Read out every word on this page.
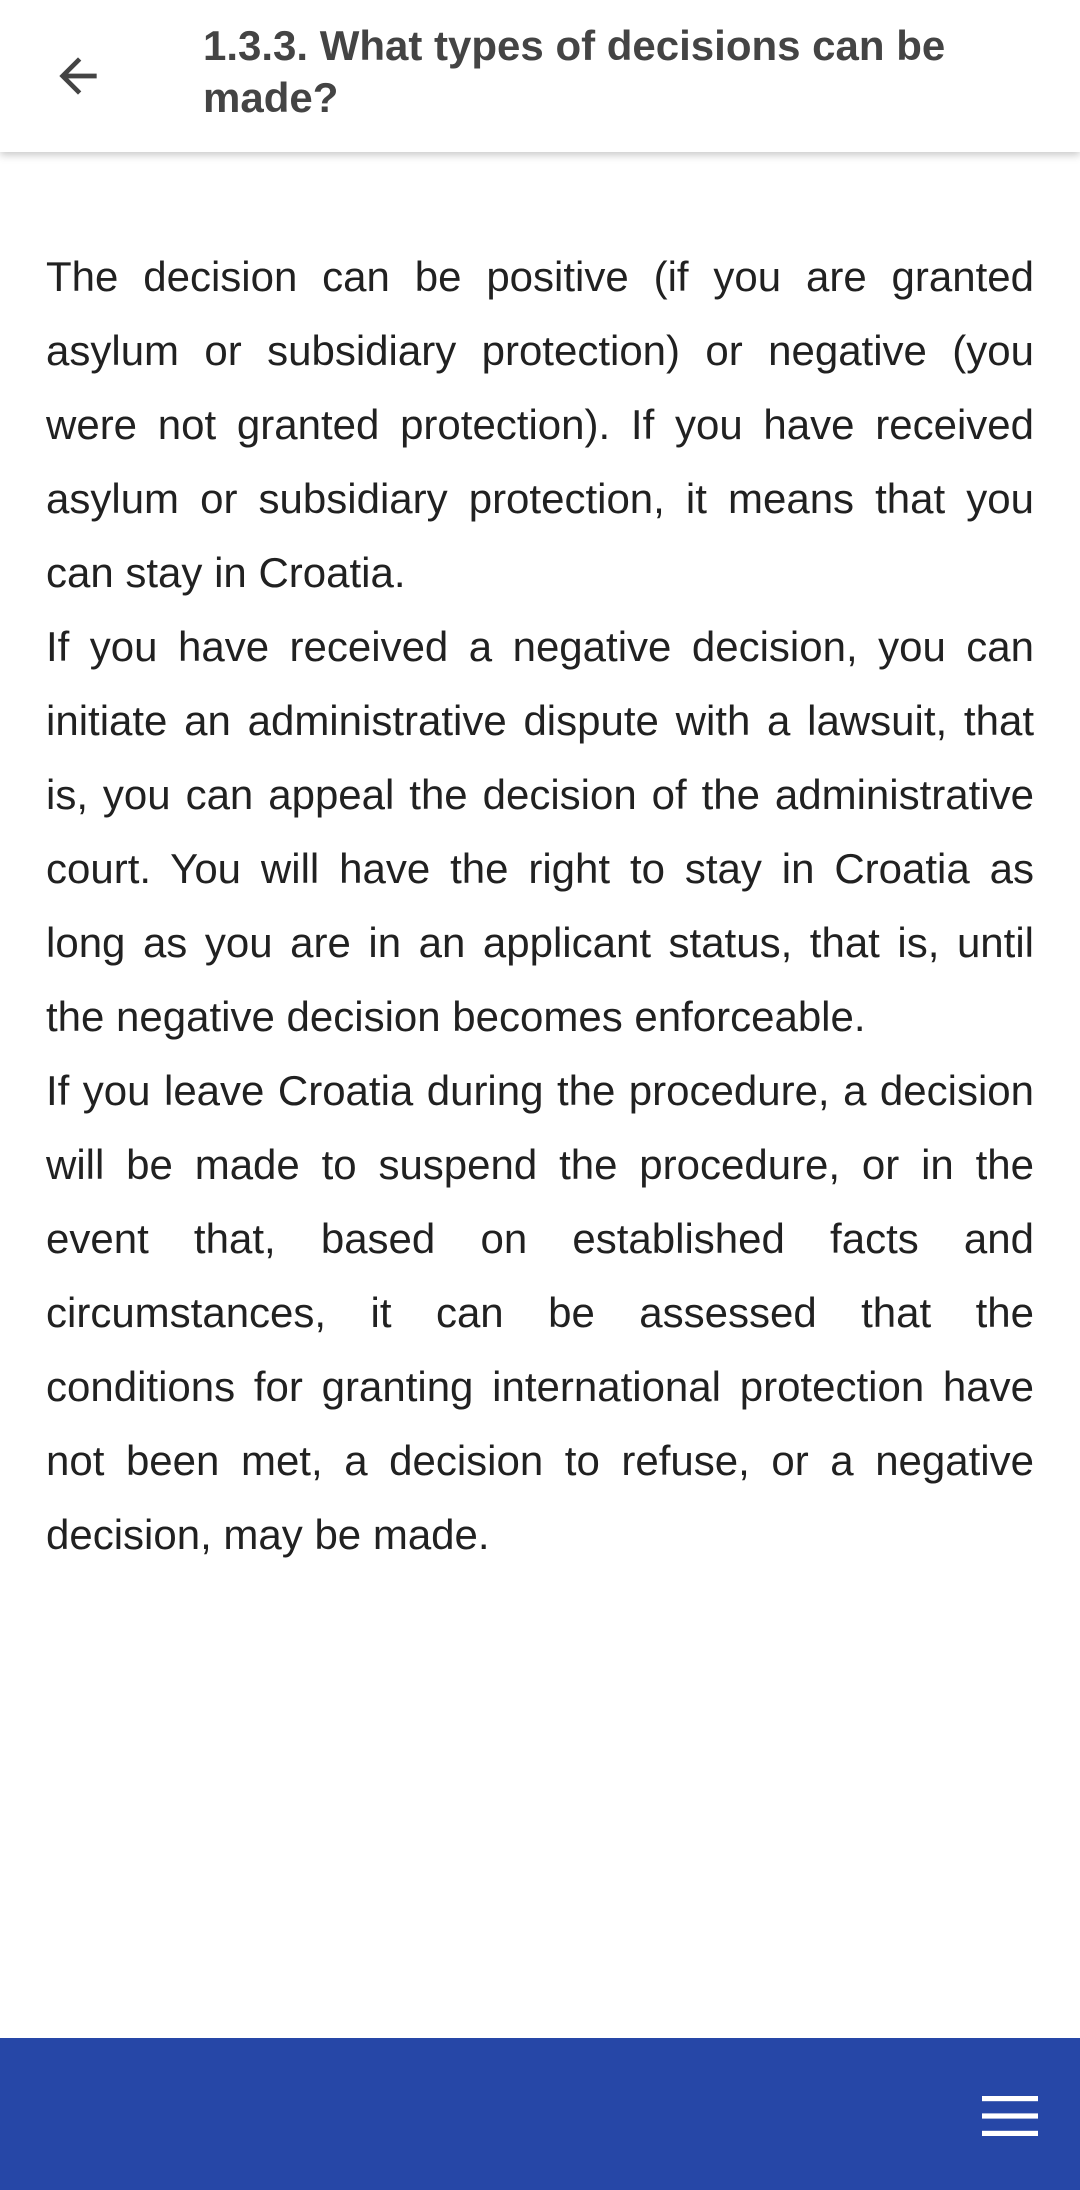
1.3.3. What types of decisions can be made?

The decision can be positive (if you are granted asylum or subsidiary protection) or negative (you were not granted protection). If you have received asylum or subsidiary protection, it means that you can stay in Croatia.

If you have received a negative decision, you can initiate an administrative dispute with a lawsuit, that is, you can appeal the decision of the administrative court. You will have the right to stay in Croatia as long as you are in an applicant status, that is, until the negative decision becomes enforceable.

If you leave Croatia during the procedure, a decision will be made to suspend the procedure, or in the event that, based on established facts and circumstances, it can be assessed that the conditions for granting international protection have not been met, a decision to refuse, or a negative decision, may be made.
